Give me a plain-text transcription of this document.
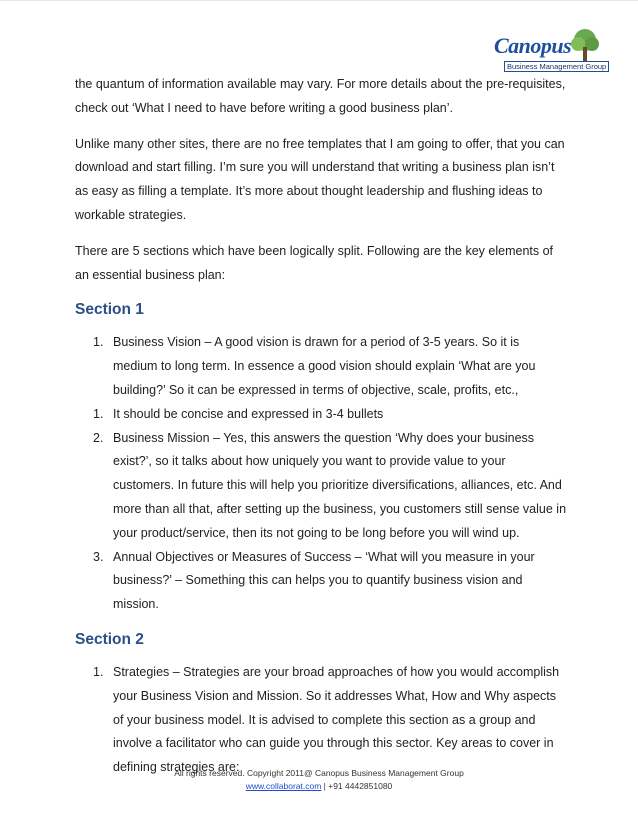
Canopus
Business Management Group

the quantum of information available may vary. For more details about the pre-requisites, check out ‘What I need to have before writing a good business plan’.

Unlike many other sites, there are no free templates that I am going to offer, that you can download and start filling. I’m sure you will understand that writing a business plan isn’t as easy as filling a template. It’s more about thought leadership and flushing ideas to workable strategies.

There are 5 sections which have been logically split. Following are the key elements of an essential business plan:

Section 1
1. Business Vision – A good vision is drawn for a period of 3-5 years. So it is medium to long term. In essence a good vision should explain ‘What are you building?’ So it can be expressed in terms of objective, scale, profits, etc.,
1. It should be concise and expressed in 3-4 bullets
2. Business Mission – Yes, this answers the question ‘Why does your business exist?’, so it talks about how uniquely you want to provide value to your customers. In future this will help you prioritize diversifications, alliances, etc. And more than all that, after setting up the business, you customers still sense value in your product/service, then its not going to be long before you will wind up.
3. Annual Objectives or Measures of Success – ‘What will you measure in your business?’ – Something this can helps you to quantify business vision and mission.
Section 2
1. Strategies – Strategies are your broad approaches of how you would accomplish your Business Vision and Mission. So it addresses What, How and Why aspects of your business model. It is advised to complete this section as a group and involve a facilitator who can guide you through this sector. Key areas to cover in defining strategies are:
All rights reserved. Copyright 2011@ Canopus Business Management Group
www.collaborat.com | +91 4442851080
